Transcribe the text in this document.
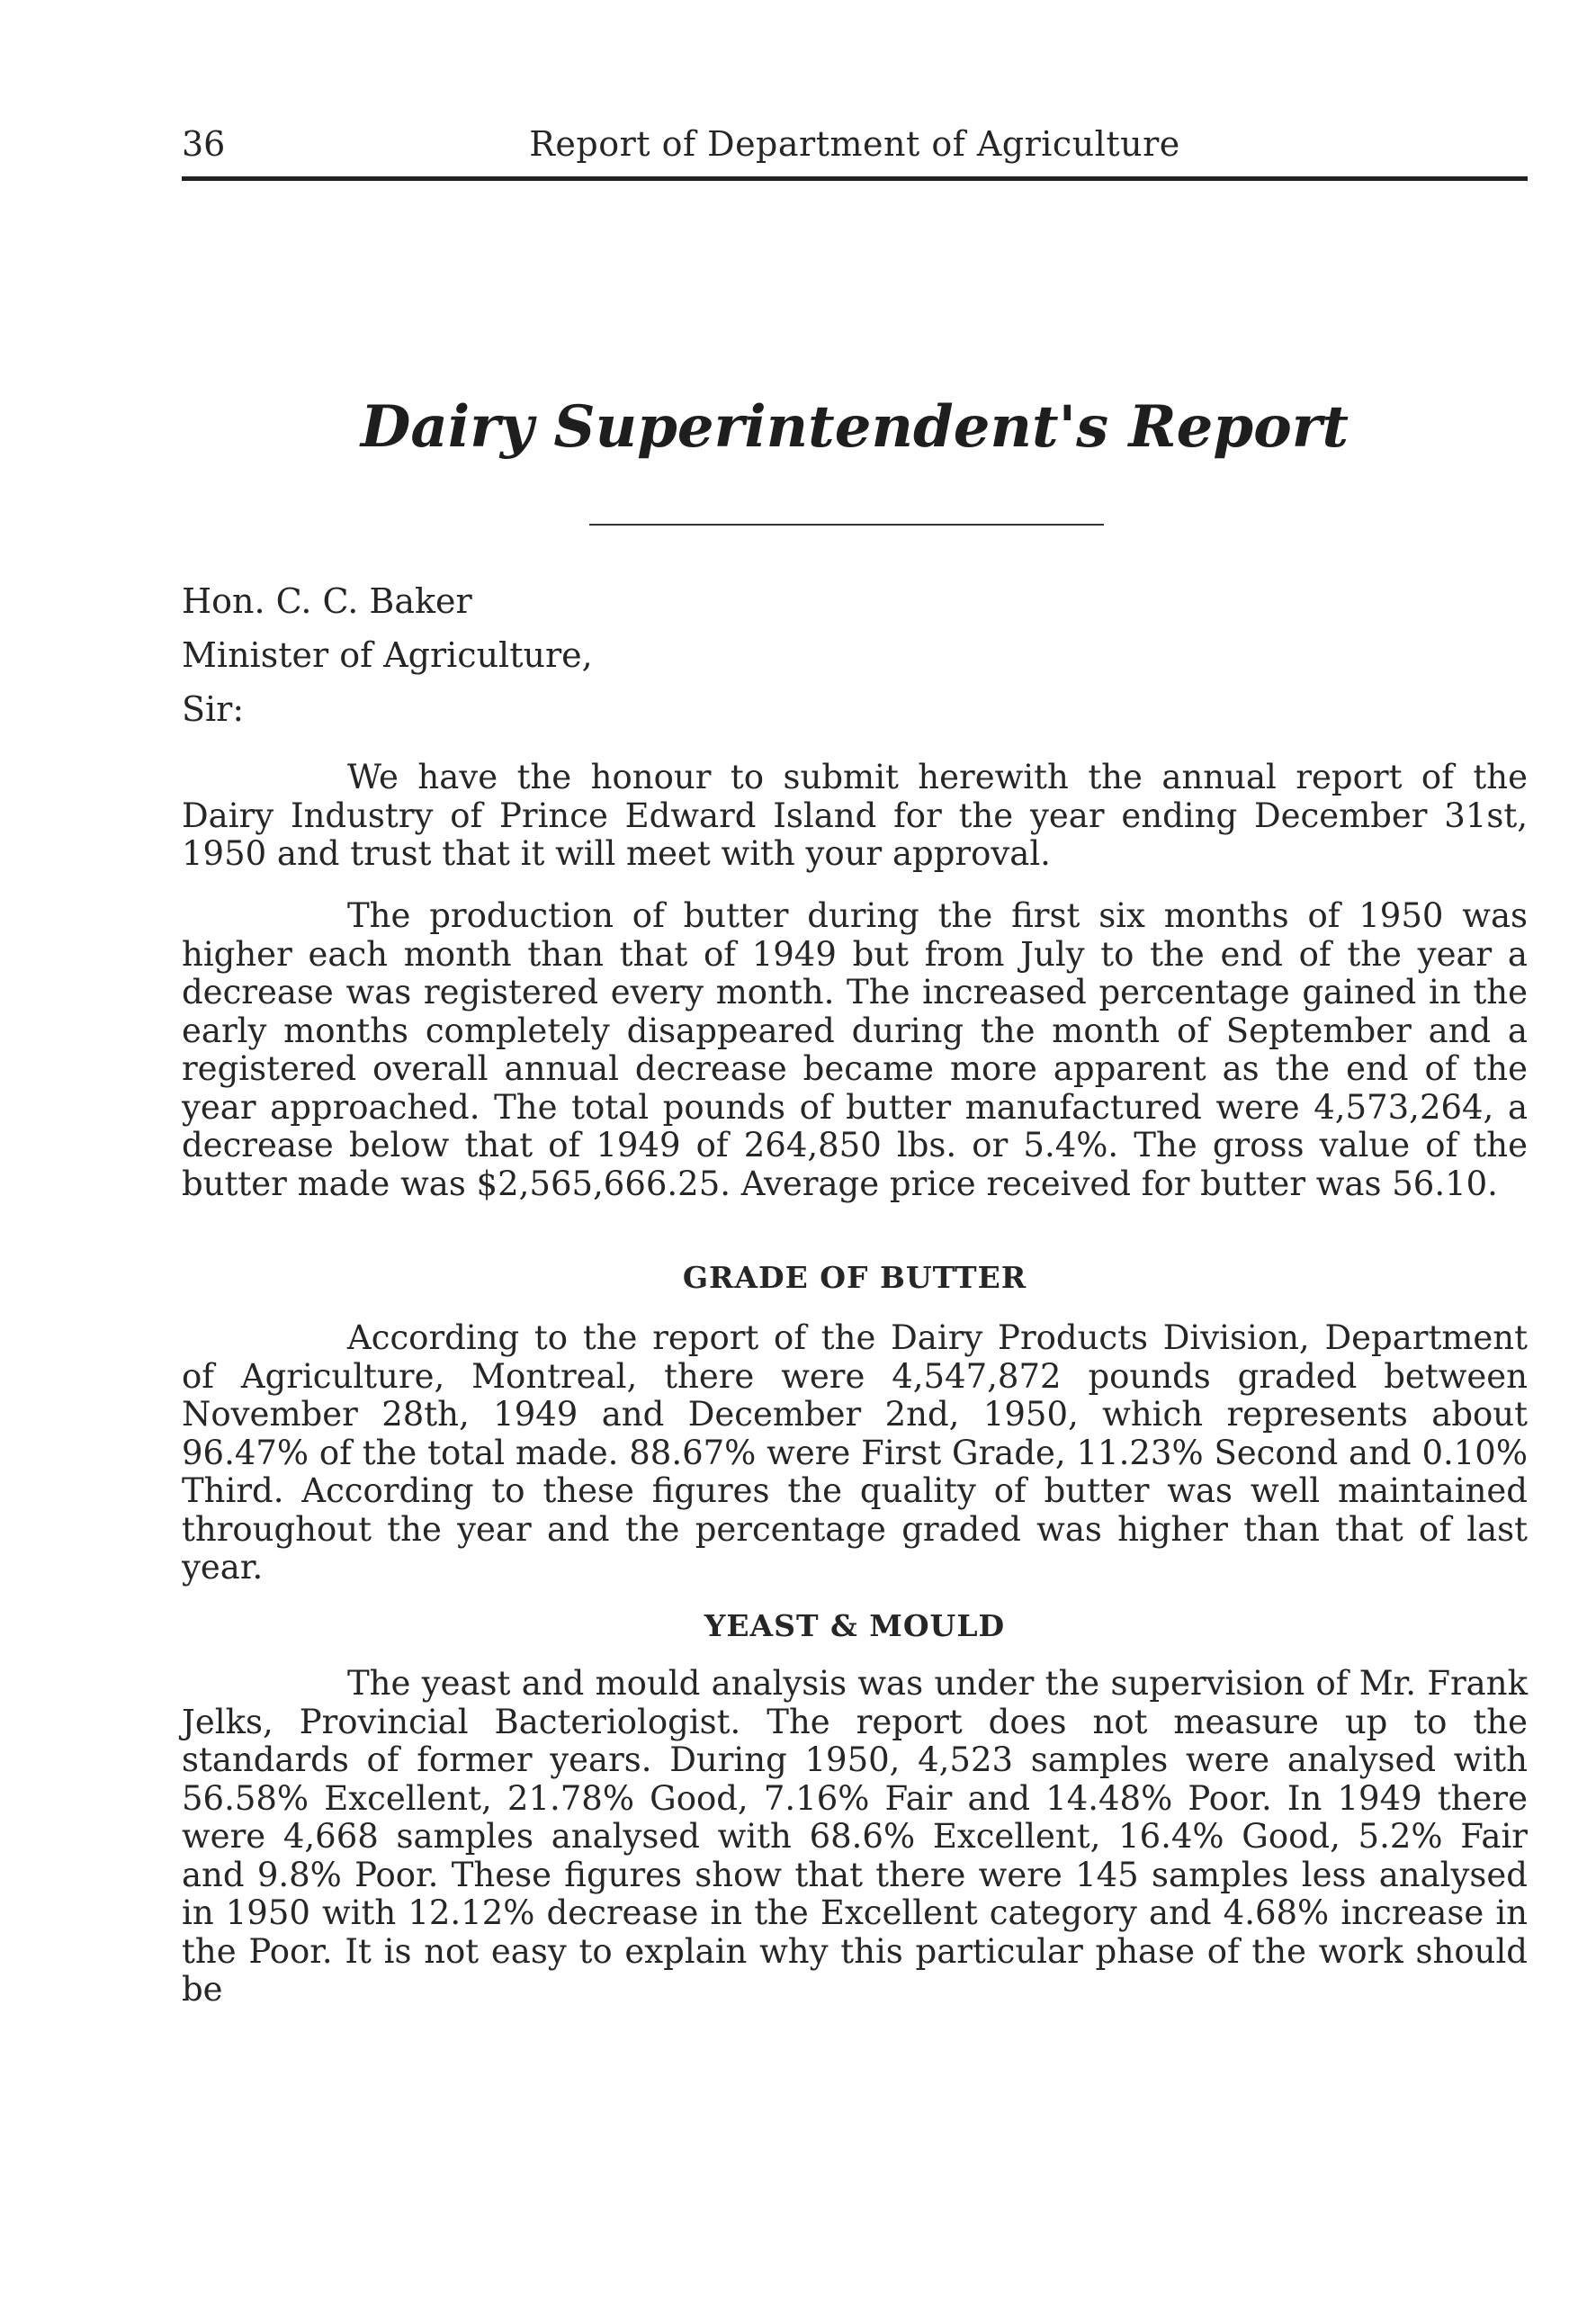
36	Report of Department of Agriculture
Dairy Superintendent's Report
Hon. C. C. Baker
Minister of Agriculture,
Sir:

We have the honour to submit herewith the annual report of the Dairy Industry of Prince Edward Island for the year ending December 31st, 1950 and trust that it will meet with your approval.

The production of butter during the first six months of 1950 was higher each month than that of 1949 but from July to the end of the year a decrease was registered every month. The increased percentage gained in the early months completely disappeared during the month of September and a registered overall annual decrease became more apparent as the end of the year approached. The total pounds of butter manufactured were 4,573,264, a decrease below that of 1949 of 264,850 lbs. or 5.4%. The gross value of the butter made was $2,565,666.25. Average price received for butter was 56.10.

GRADE OF BUTTER

According to the report of the Dairy Products Division, Department of Agriculture, Montreal, there were 4,547,872 pounds graded between November 28th, 1949 and December 2nd, 1950, which represents about 96.47% of the total made. 88.67% were First Grade, 11.23% Second and 0.10% Third. According to these figures the quality of butter was well maintained throughout the year and the percentage graded was higher than that of last year.

YEAST & MOULD

The yeast and mould analysis was under the supervision of Mr. Frank Jelks, Provincial Bacteriologist. The report does not measure up to the standards of former years. During 1950, 4,523 samples were analysed with 56.58% Excellent, 21.78% Good, 7.16% Fair and 14.48% Poor. In 1949 there were 4,668 samples analysed with 68.6% Excellent, 16.4% Good, 5.2% Fair and 9.8% Poor. These figures show that there were 145 samples less analysed in 1950 with 12.12% decrease in the Excellent category and 4.68% increase in the Poor. It is not easy to explain why this particular phase of the work should be
